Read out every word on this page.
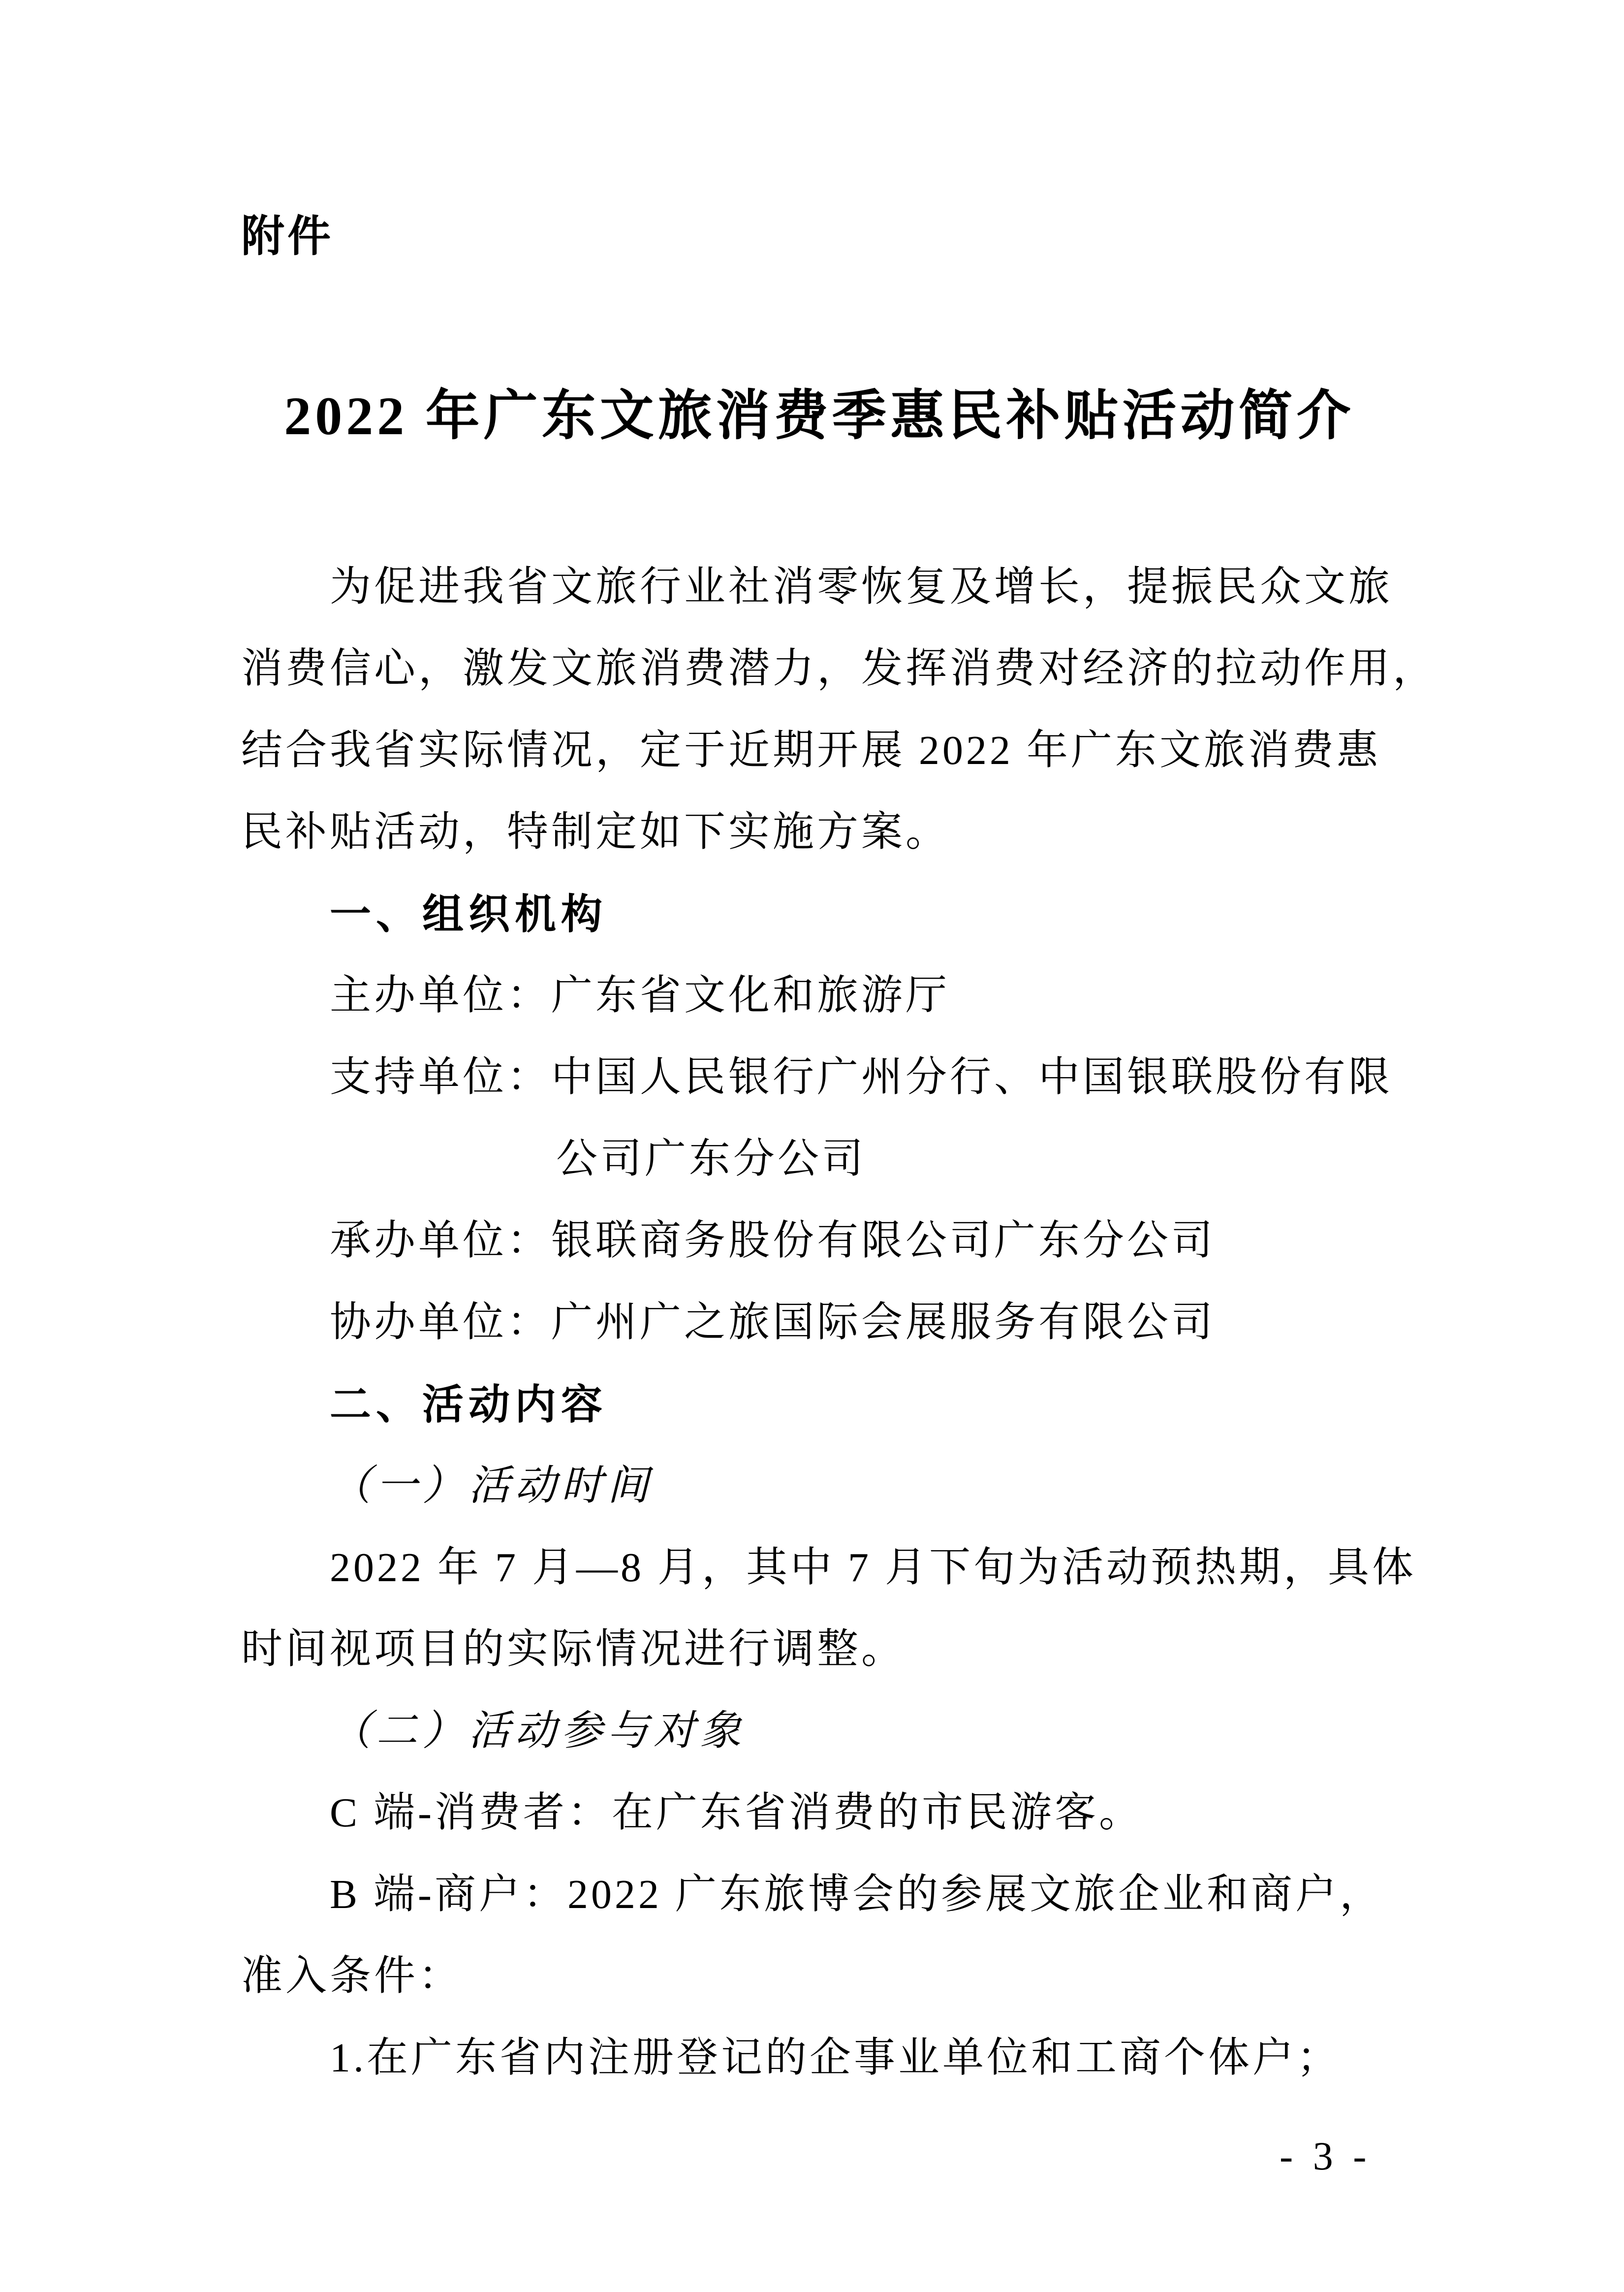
附件
2022 年广东文旅消费季惠民补贴活动简介
为促进我省文旅行业社消零恢复及增长，提振民众文旅
消费信心，激发文旅消费潜力，发挥消费对经济的拉动作用，
结合我省实际情况，定于近期开展 2022 年广东文旅消费惠
民补贴活动，特制定如下实施方案。
一、组织机构
主办单位：广东省文化和旅游厅
支持单位：中国人民银行广州分行、中国银联股份有限
公司广东分公司
承办单位：银联商务股份有限公司广东分公司
协办单位：广州广之旅国际会展服务有限公司
二、活动内容
（一）活动时间
2022 年 7 月—8 月，其中 7 月下旬为活动预热期，具体
时间视项目的实际情况进行调整。
（二）活动参与对象
C 端-消费者：在广东省消费的市民游客。
B 端-商户：2022 广东旅博会的参展文旅企业和商户，
准入条件：
1.在广东省内注册登记的企事业单位和工商个体户；
- 3 -
